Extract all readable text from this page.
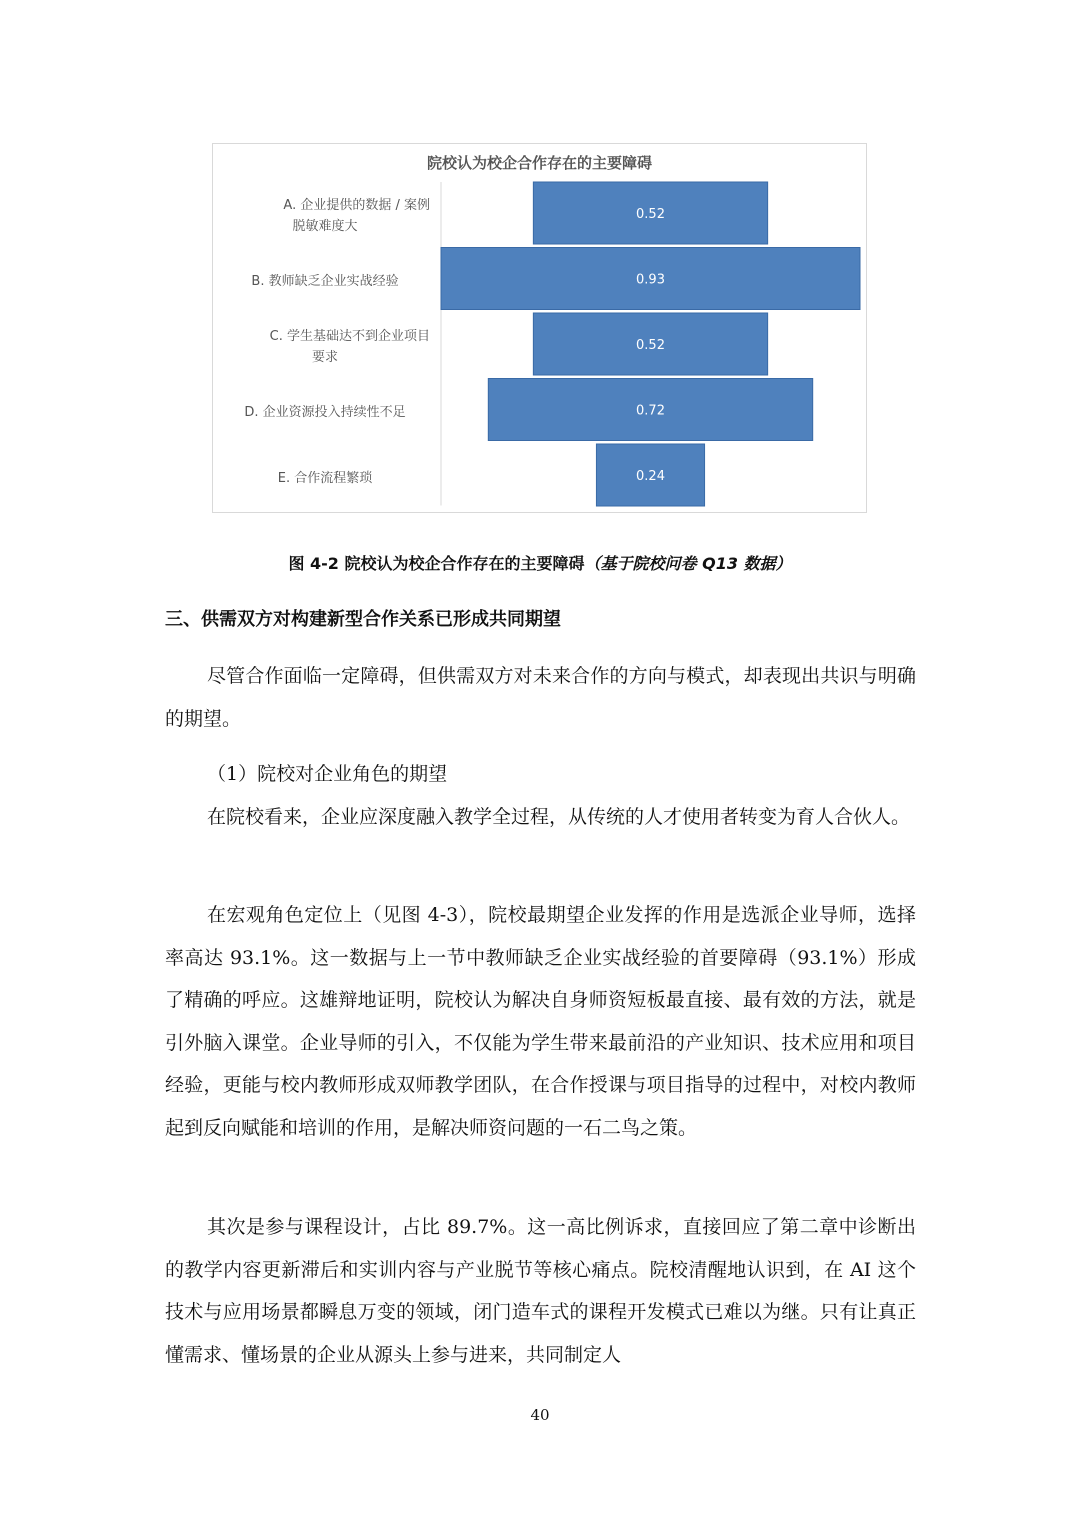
院校认为校企合作存在的主要障碍
0.52
0.93
0.52
0.72
0.24
A. 企业提供的数据 / 案例
脱敏难度大
B. 教师缺乏企业实战经验
C. 学生基础达不到企业项目
要求
D. 企业资源投入持续性不足
E. 合作流程繁琐
图 4-2 院校认为校企合作存在的主要障碍（基于院校问卷 Q13 数据）
三、供需双方对构建新型合作关系已形成共同期望

尽管合作面临一定障碍，但供需双方对未来合作的方向与模式，却表现出共识与明确的期望。

（1）院校对企业角色的期望

在院校看来，企业应深度融入教学全过程，从传统的人才使用者转变为育人合伙人。

在宏观角色定位上（见图 4-3），院校最期望企业发挥的作用是选派企业导师，选择率高达 93.1%。这一数据与上一节中教师缺乏企业实战经验的首要障碍（93.1%）形成了精确的呼应。这雄辩地证明，院校认为解决自身师资短板最直接、最有效的方法，就是引外脑入课堂。企业导师的引入，不仅能为学生带来最前沿的产业知识、技术应用和项目经验，更能与校内教师形成双师教学团队，在合作授课与项目指导的过程中，对校内教师起到反向赋能和培训的作用，是解决师资问题的一石二鸟之策。

其次是参与课程设计，占比 89.7%。这一高比例诉求，直接回应了第二章中诊断出的教学内容更新滞后和实训内容与产业脱节等核心痛点。院校清醒地认识到，在 AI 这个技术与应用场景都瞬息万变的领域，闭门造车式的课程开发模式已难以为继。只有让真正懂需求、懂场景的企业从源头上参与进来，共同制定人

40
